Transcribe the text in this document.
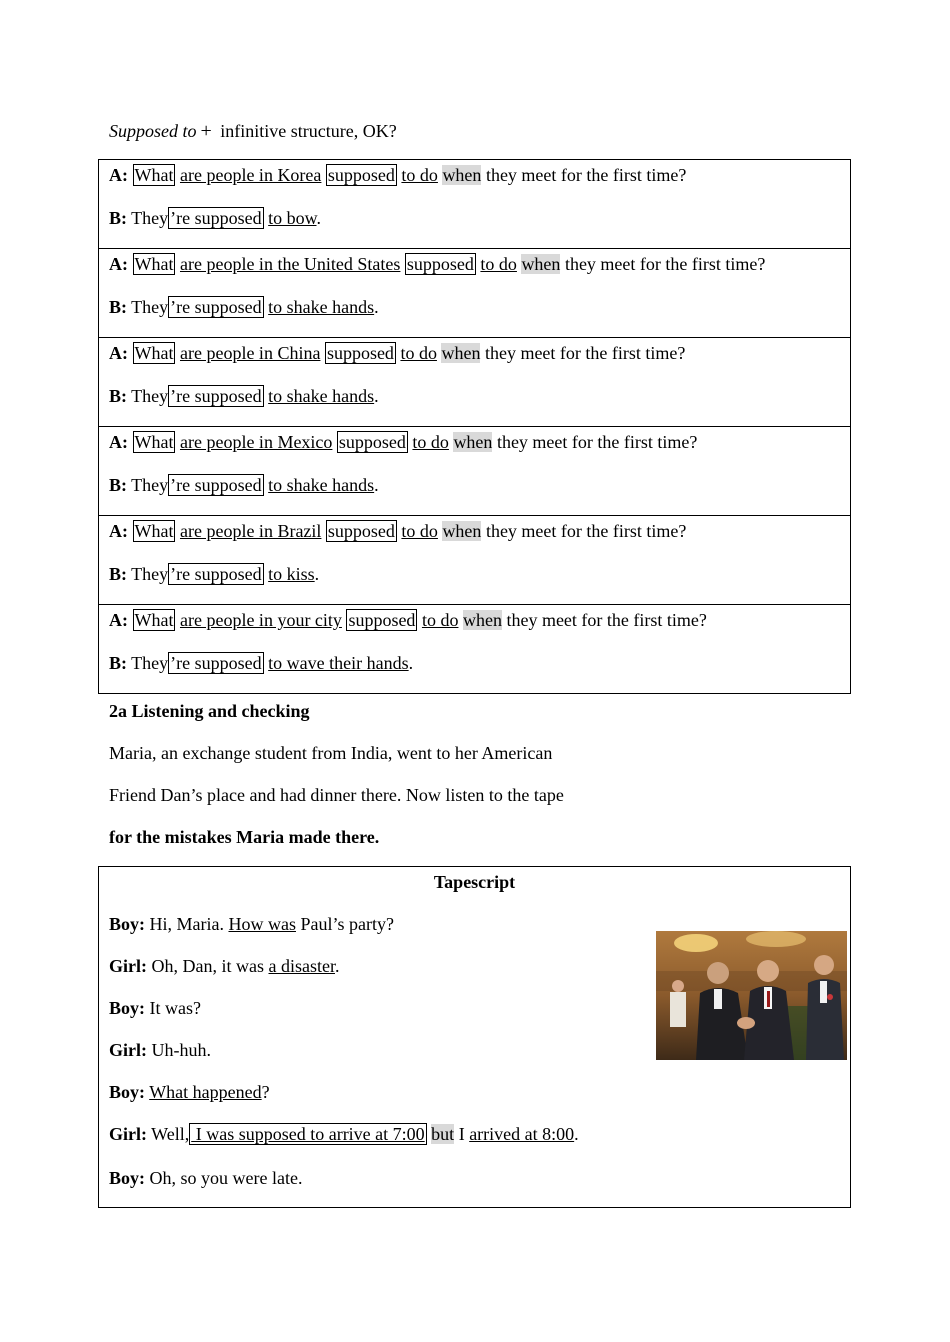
Supposed to + infinitive structure, OK?

A: What are people in Korea supposed to do when they meet for the first time?

B: They ’re supposed to bow.

A: What are people in the United States supposed to do when they meet for the first time?

B: They ’re supposed to shake hands.

A: What are people in China supposed to do when they meet for the first time?

B: They ’re supposed to shake hands.

A: What are people in Mexico supposed to do when they meet for the first time?

B: They ’re supposed to shake hands.

A: What are people in Brazil supposed to do when they meet for the first time?

B: They ’re supposed to kiss.

A: What are people in your city supposed to do when they meet for the first time?

B: They ’re supposed to wave their hands.

2a Listening and checking

Maria, an exchange student from India, went to her American

Friend Dan’s place and had dinner there. Now listen to the tape

for the mistakes Maria made there.

Tapescript

Boy: Hi, Maria. How was Paul’s party?

Girl: Oh, Dan, it was a disaster.

Boy: It was?

Girl: Uh-huh.

Boy: What happened?

Girl: Well, I was supposed to arrive at 7:00 but I arrived at 8:00.

Boy: Oh, so you were late.
